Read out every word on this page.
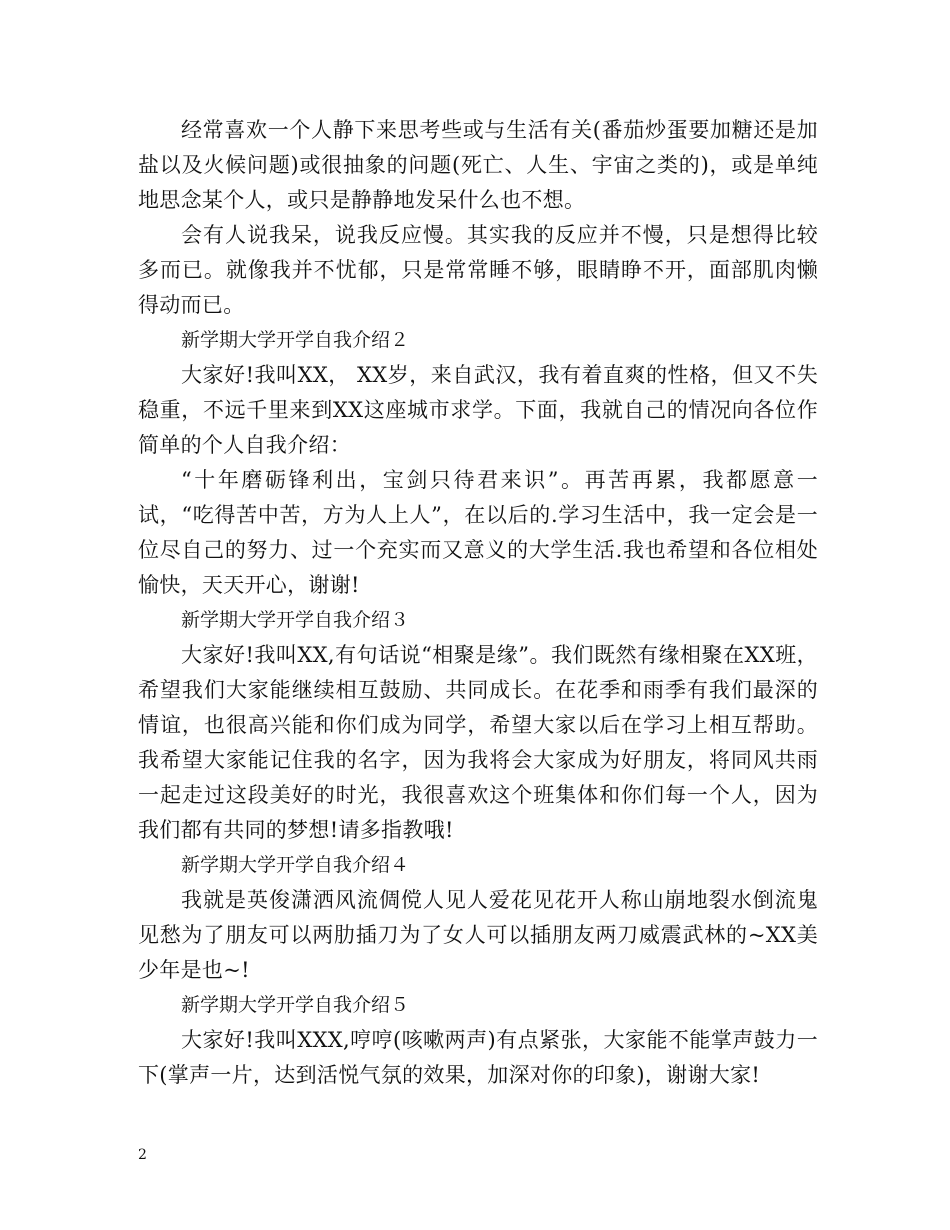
经常喜欢一个人静下来思考些或与生活有关(番茄炒蛋要加糖还是加盐以及火候问题)或很抽象的问题(死亡、人生、宇宙之类的)，或是单纯地思念某个人，或只是静静地发呆什么也不想。

会有人说我呆，说我反应慢。其实我的反应并不慢，只是想得比较多而已。就像我并不忧郁，只是常常睡不够，眼睛睁不开，面部肌肉懒得动而已。

新学期大学开学自我介绍２

大家好!我叫XX， XX岁，来自武汉，我有着直爽的性格，但又不失稳重，不远千里来到XX这座城市求学。下面，我就自己的情况向各位作简单的个人自我介绍：

“十年磨砺锋利出，宝剑只待君来识”。再苦再累，我都愿意一试，“吃得苦中苦，方为人上人”，在以后的.学习生活中，我一定会是一位尽自己的努力、过一个充实而又意义的大学生活.我也希望和各位相处愉快，天天开心，谢谢!

新学期大学开学自我介绍３

大家好!我叫XX,有句话说“相聚是缘”。我们既然有缘相聚在XX班，希望我们大家能继续相互鼓励、共同成长。在花季和雨季有我们最深的情谊，也很高兴能和你们成为同学，希望大家以后在学习上相互帮助。 我希望大家能记住我的名字，因为我将会大家成为好朋友，将同风共雨 一起走过这段美好的时光，我很喜欢这个班集体和你们每一个人，因为我们都有共同的梦想!请多指教哦!

新学期大学开学自我介绍４

我就是英俊潇洒风流倜傥人见人爱花见花开人称山崩地裂水倒流鬼见愁为了朋友可以两肋插刀为了女人可以插朋友两刀威震武林的~XX美少年是也~!

新学期大学开学自我介绍５

大家好!我叫XXX,哼哼(咳嗽两声)有点紧张，大家能不能掌声鼓力一下(掌声一片，达到活悦气氛的效果，加深对你的印象)，谢谢大家!

2
